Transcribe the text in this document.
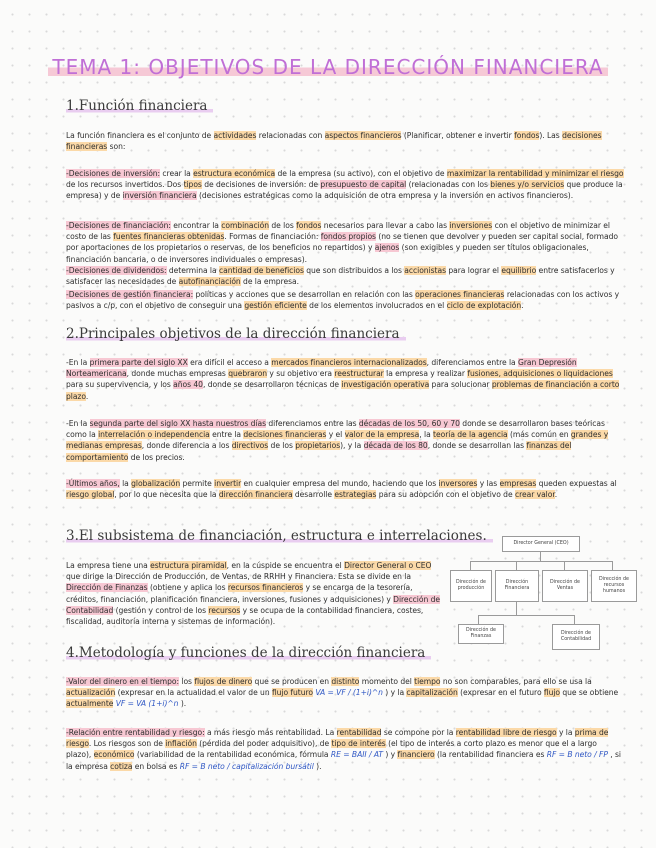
TEMA 1: OBJETIVOS DE LA DIRECCIÓN FINANCIERA
1.Función financiera

La función financiera es el conjunto de actividades relacionadas con aspectos financieros (Planificar, obtener e invertir fondos). Las decisiones financieras son:

-Decisiones de inversión: crear la estructura económica de la empresa (su activo), con el objetivo de maximizar la rentabilidad y minimizar el riesgo de los recursos invertidos. Dos tipos de decisiones de inversión: de presupuesto de capital (relacionadas con los bienes y/o servicios que produce la empresa) y de inversión financiera (decisiones estratégicas como la adquisición de otra empresa y la inversión en activos financieros).

-Decisiones de financiación: encontrar la combinación de los fondos necesarios para llevar a cabo las inversiones con el objetivo de minimizar el costo de las fuentes financieras obtenidas. Formas de financiación: fondos propios (no se tienen que devolver y pueden ser capital social, formado por aportaciones de los propietarios o reservas, de los beneficios no repartidos) y ajenos (son exigibles y pueden ser títulos obligacionales, financiación bancaria, o de inversores individuales o empresas).

-Decisiones de dividendos: determina la cantidad de beneficios que son distribuidos a los accionistas para lograr el equilibrio entre satisfacerlos y satisfacer las necesidades de autofinanciación de la empresa.

-Decisiones de gestión financiera: políticas y acciones que se desarrollan en relación con las operaciones financieras relacionadas con los activos y pasivos a c/p, con el objetivo de conseguir una gestión eficiente de los elementos involucrados en el ciclo de explotación.

2.Principales objetivos de la dirección financiera

-En la primera parte del siglo XX era difícil el acceso a mercados financieros internacionalizados, diferenciamos entre la Gran Depresión Norteamericana, donde muchas empresas quebraron y su objetivo era reestructurar la empresa y realizar fusiones, adquisiciones o liquidaciones para su supervivencia, y los años 40, donde se desarrollaron técnicas de investigación operativa para solucionar problemas de financiación a corto plazo.

-En la segunda parte del siglo XX hasta nuestros días diferenciamos entre las décadas de los 50, 60 y 70 donde se desarrollaron bases teóricas como la interrelación o independencia entre la decisiones financieras y el valor de la empresa, la teoría de la agencia (más común en grandes y medianas empresas, donde diferencia a los directivos de los propietarios), y la década de los 80, donde se desarrollan las finanzas del comportamiento de los precios.

-Últimos años, la globalización permite invertir en cualquier empresa del mundo, haciendo que los inversores y las empresas queden expuestas al riesgo global, por lo que necesita que la dirección financiera desarrolle estrategias para su adopción con el objetivo de crear valor.

3.El subsistema de financiación, estructura e interrelaciones.

La empresa tiene una estructura piramidal, en la cúspide se encuentra el Director General o CEO que dirige la Dirección de Producción, de Ventas, de RRHH y Financiera. Esta se divide en la Dirección de Finanzas (obtiene y aplica los recursos financieros y se encarga de la tesorería, créditos, financiación, planificación financiera, inversiones, fusiones y adquisiciones) y Dirección de Contabilidad (gestión y control de los recursos y se ocupa de la contabilidad financiera, costes, fiscalidad, auditoría interna y sistemas de información).

Director General (CEO)
Dirección de producción
Dirección Financiera
Dirección de Ventas
Dirección de recursos humanos
Dirección de Finanzas
Dirección de Contabilidad
4.Metodología y funciones de la dirección financiera

-Valor del dinero en el tiempo: los flujos de dinero que se producen en distinto momento del tiempo no son comparables, para ello se usa la actualización (expresar en la actualidad el valor de un flujo futuro VA = VF / (1+i)^n ) y la capitalización (expresar en el futuro flujo que se obtiene actualmente VF = VA (1+i)^n ).

-Relación entre rentabilidad y riesgo: a más riesgo más rentabilidad. La rentabilidad se compone por la rentabilidad libre de riesgo y la prima de riesgo. Los riesgos son de inflación (pérdida del poder adquisitivo), de tipo de interés (el tipo de interés a corto plazo es menor que el a largo plazo), económico (variabilidad de la rentabilidad económica, fórmula RE = BAII / AT ) y financiero (la rentabilidad financiera es RF = B neto / FP , si la empresa cotiza en bolsa es RF = B neto / capitalización bursátil ).
